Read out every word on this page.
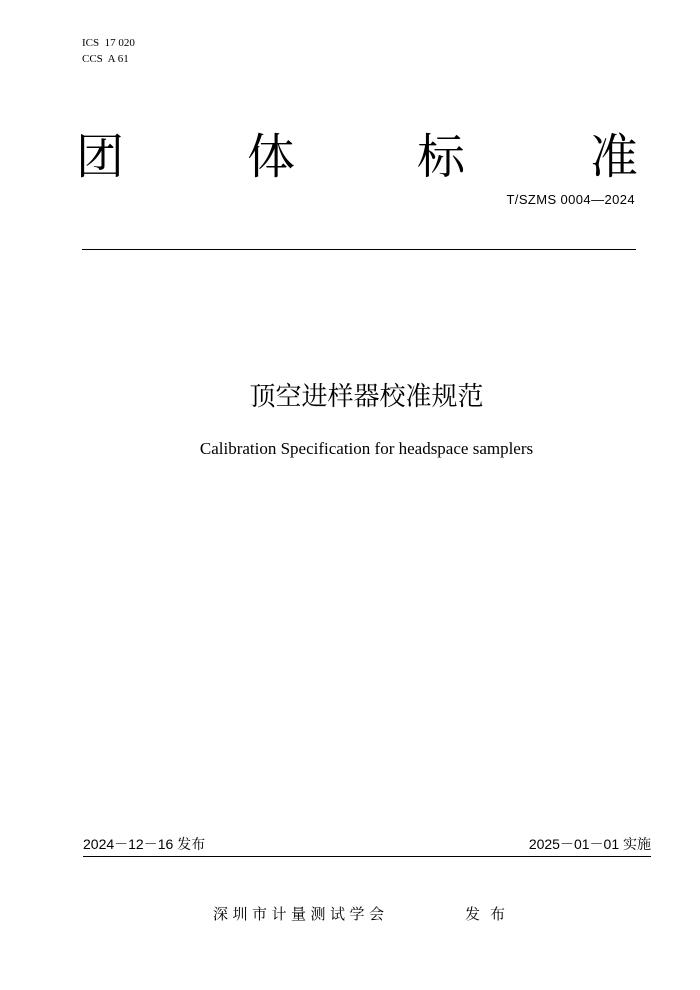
ICS  17 020
CCS  A 61
团	体	标	准
T/SZMS 0004—2024
顶空进样器校准规范
Calibration Specification for headspace samplers
2024－12－16 发布	2025－01－01 实施
深圳市计量测试学会	发布
